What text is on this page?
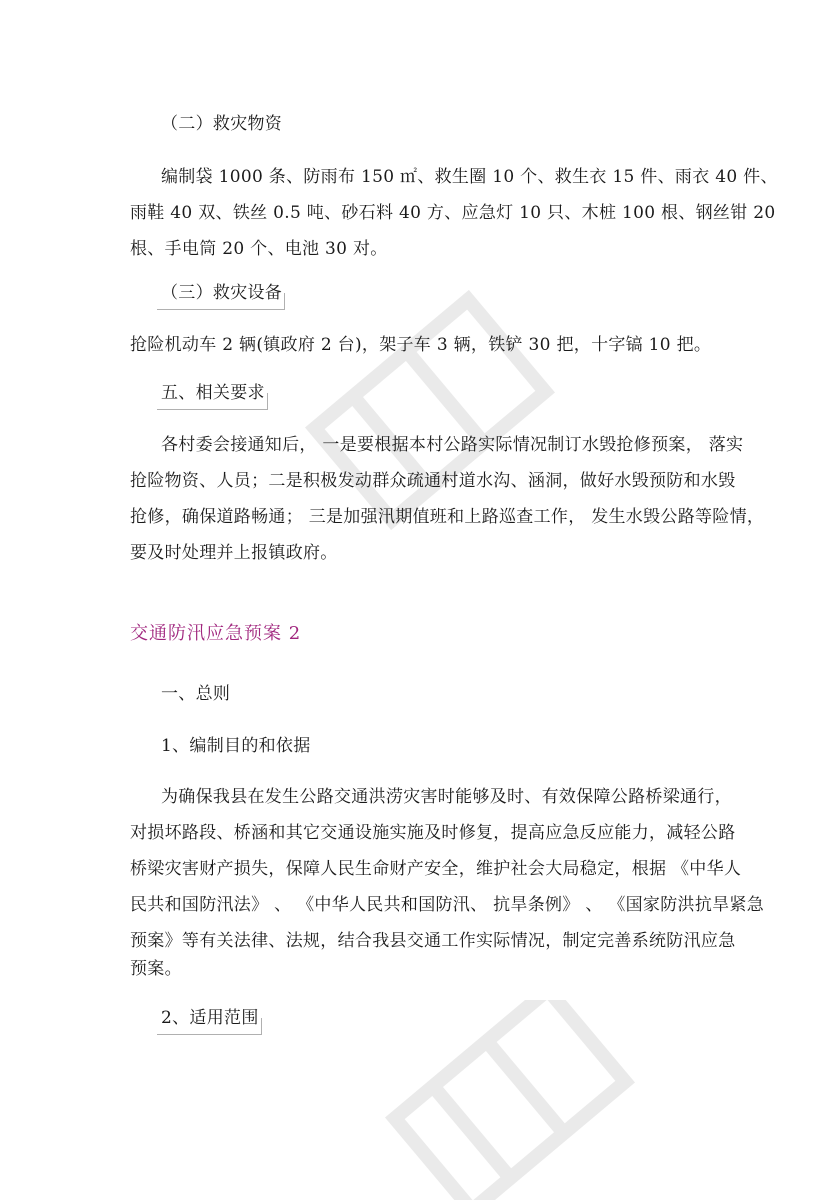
（二）救灾物资
编制袋 1000 条、防雨布 150 ㎡、救生圈 10 个、救生衣 15 件、雨衣 40 件、
雨鞋 40 双、铁丝 0.5 吨、砂石料 40 方、应急灯 10 只、木桩 100 根、钢丝钳 20
根、手电筒 20 个、电池 30 对。
（三）救灾设备
抢险机动车 2 辆(镇政府 2 台)，架子车 3 辆，铁铲 30 把，十字镐 10 把。
五、相关要求
各村委会接通知后， 一是要根据本村公路实际情况制订水毁抢修预案， 落实
抢险物资、人员；二是积极发动群众疏通村道水沟、涵洞，做好水毁预防和水毁
抢修，确保道路畅通； 三是加强汛期值班和上路巡查工作， 发生水毁公路等险情，
要及时处理并上报镇政府。
交通防汛应急预案 2
一、总则
1、编制目的和依据
为确保我县在发生公路交通洪涝灾害时能够及时、有效保障公路桥梁通行，
对损坏路段、桥涵和其它交通设施实施及时修复，提高应急反应能力，减轻公路
桥梁灾害财产损失，保障人民生命财产安全，维护社会大局稳定，根据 《中华人
民共和国防汛法》 、 《中华人民共和国防汛、 抗旱条例》 、 《国家防洪抗旱紧急
预案》等有关法律、法规，结合我县交通工作实际情况，制定完善系统防汛应急
预案。
2、适用范围
